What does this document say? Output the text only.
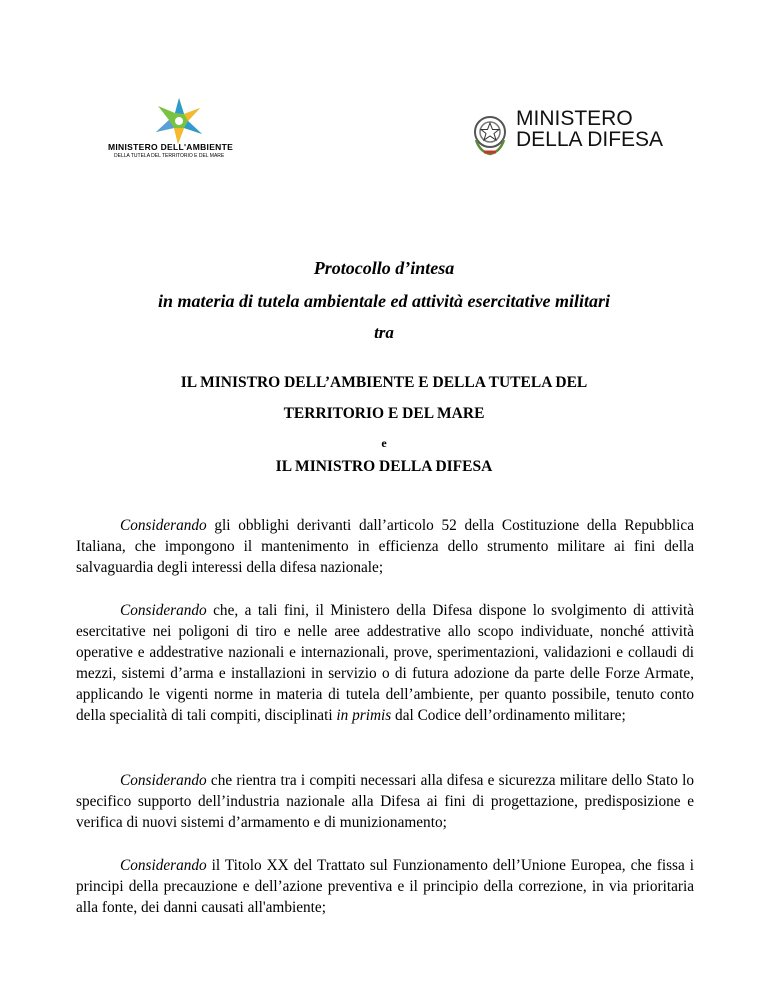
MINISTERO DELL'AMBIENTE
DELLA TUTELA DEL TERRITORIO E DEL MARE
MINISTERO
DELLA DIFESA
Protocollo d’intesa
in materia di tutela ambientale ed attività esercitative militari
tra
IL MINISTRO DELL’AMBIENTE E DELLA TUTELA DEL
TERRITORIO E DEL MARE
e
IL MINISTRO DELLA DIFESA
Considerando gli obblighi derivanti dall’articolo 52 della Costituzione della Repubblica Italiana, che impongono il mantenimento in efficienza dello strumento militare ai fini della salvaguardia degli interessi della difesa nazionale;
Considerando che, a tali fini, il Ministero della Difesa dispone lo svolgimento di attività esercitative nei poligoni di tiro e nelle aree addestrative allo scopo individuate, nonché attività operative e addestrative nazionali e internazionali, prove, sperimentazioni, validazioni e collaudi di mezzi, sistemi d’arma e installazioni in servizio o di futura adozione da parte delle Forze Armate, applicando le vigenti norme in materia di tutela dell’ambiente, per quanto possibile, tenuto conto della specialità di tali compiti, disciplinati in primis dal Codice dell’ordinamento militare;
Considerando che rientra tra i compiti necessari alla difesa e sicurezza militare dello Stato lo specifico supporto dell’industria nazionale alla Difesa ai fini di progettazione, predisposizione e verifica di nuovi sistemi d’armamento e di munizionamento;
Considerando il Titolo XX del Trattato sul Funzionamento dell’Unione Europea, che fissa i principi della precauzione e dell’azione preventiva e il principio della correzione, in via prioritaria alla fonte, dei danni causati all'ambiente;
